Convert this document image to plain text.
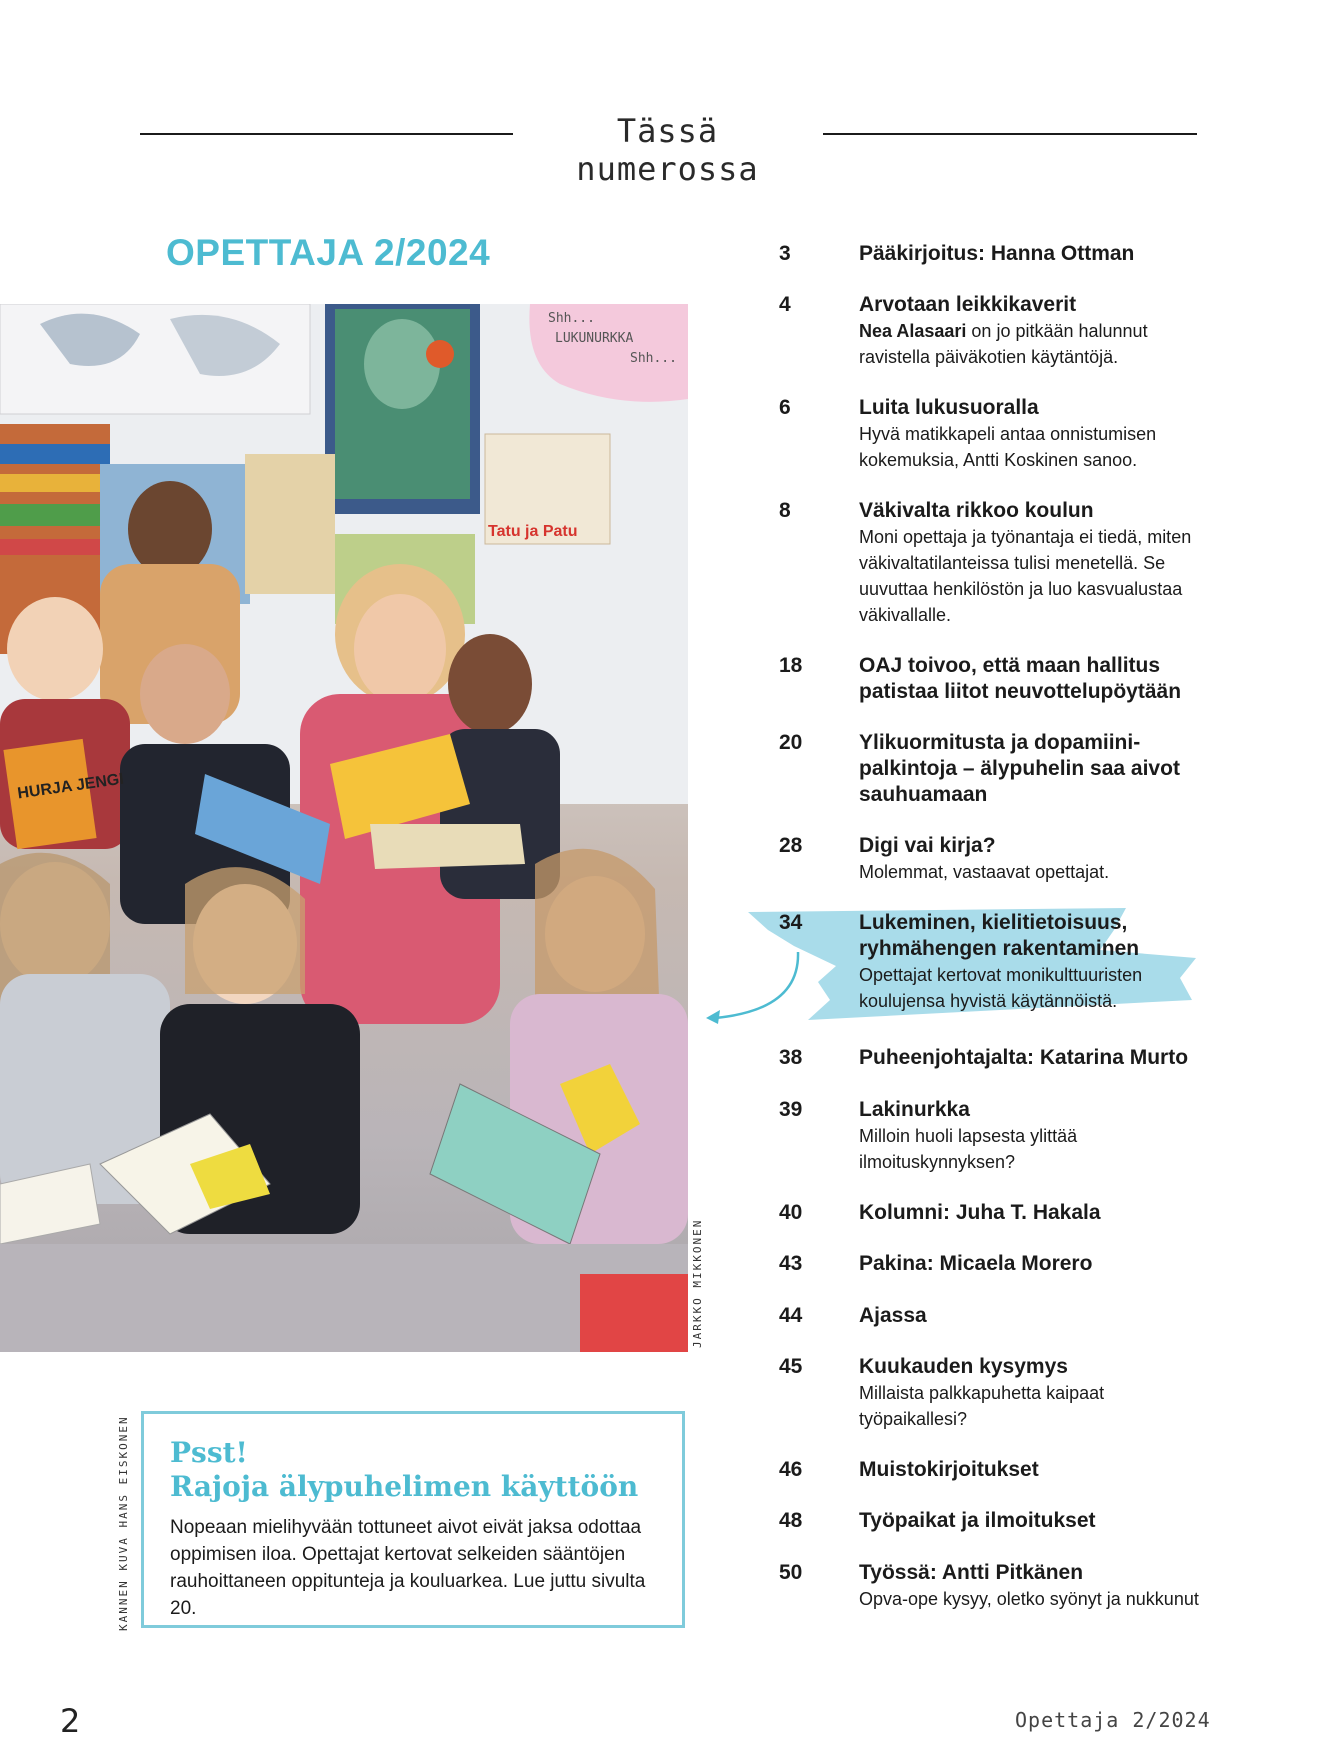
Tässä numerossa
OPETTAJA 2/2024
Shh...
LUKUNURKKA
Shh...
Tatu ja Patu
HURJA JENGI
JARKKO MIKKONEN
KANNEN KUVA HANS EISKONEN Psst!
Rajoja älypuhelimen käyttöön
Nopeaan mielihyvään tottuneet aivot eivät jaksa odottaa oppimisen iloa. Opettajat kertovat selkeiden sääntöjen rauhoittaneen oppitunteja ja kouluarkea. Lue juttu sivulta 20.
3	Pääkirjoitus: Hanna Ottman
4	Arvotaan leikkikaverit
Nea Alasaari on jo pitkään halunnut ravistella päiväkotien käytäntöjä.
6	Luita lukusuoralla
Hyvä matikkapeli antaa onnistumisen kokemuksia, Antti Koskinen sanoo.
8	Väkivalta rikkoo koulun
Moni opettaja ja työnantaja ei tiedä, miten väkivaltatilanteissa tulisi menetellä. Se uuvuttaa henkilöstön ja luo kasvualustaa väkivallalle.
18	OAJ toivoo, että maan hallitus patistaa liitot neuvottelupöytään
20	Ylikuormitusta ja dopamiini-palkintoja – älypuhelin saa aivot sauhuamaan
28	Digi vai kirja?
Molemmat, vastaavat opettajat.
34	Lukeminen, kielitietoisuus, ryhmähengen rakentaminen
Opettajat kertovat monikulttuuristen koulujensa hyvistä käytännöistä.
38	Puheenjohtajalta: Katarina Murto
39	Lakinurkka
Milloin huoli lapsesta ylittää ilmoituskynnyksen?
40	Kolumni: Juha T. Hakala
43	Pakina: Micaela Morero
44	Ajassa
45	Kuukauden kysymys
Millaista palkkapuhetta kaipaat työpaikallesi?
46	Muistokirjoitukset
48	Työpaikat ja ilmoitukset
50	Työssä: Antti Pitkänen
Opva-ope kysyy, oletko syönyt ja nukkunut
2	Opettaja 2/2024
